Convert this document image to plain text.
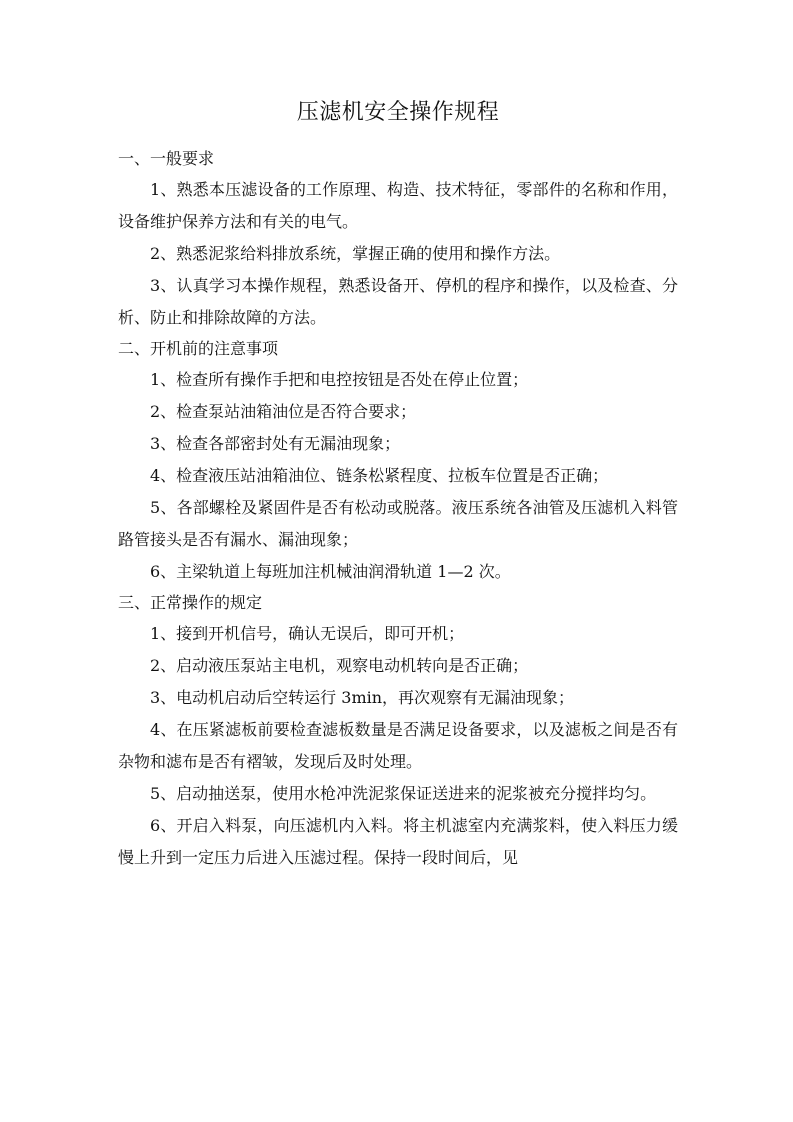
压滤机安全操作规程

一、一般要求

1、熟悉本压滤设备的工作原理、构造、技术特征，零部件的名称和作用，设备维护保养方法和有关的电气。

2、熟悉泥浆给料排放系统，掌握正确的使用和操作方法。

3、认真学习本操作规程，熟悉设备开、停机的程序和操作，以及检查、分析、防止和排除故障的方法。

二、开机前的注意事项

1、检查所有操作手把和电控按钮是否处在停止位置；

2、检查泵站油箱油位是否符合要求；

3、检查各部密封处有无漏油现象；

4、检查液压站油箱油位、链条松紧程度、拉板车位置是否正确；

5、各部螺栓及紧固件是否有松动或脱落。液压系统各油管及压滤机入料管路管接头是否有漏水、漏油现象；

6、主梁轨道上每班加注机械油润滑轨道 1—2 次。

三、正常操作的规定

1、接到开机信号，确认无误后，即可开机；

2、启动液压泵站主电机，观察电动机转向是否正确；

3、电动机启动后空转运行 3min，再次观察有无漏油现象；

4、在压紧滤板前要检查滤板数量是否满足设备要求，以及滤板之间是否有杂物和滤布是否有褶皱，发现后及时处理。

5、启动抽送泵，使用水枪冲洗泥浆保证送进来的泥浆被充分搅拌均匀。

6、开启入料泵，向压滤机内入料。将主机滤室内充满浆料，使入料压力缓慢上升到一定压力后进入压滤过程。保持一段时间后，见
